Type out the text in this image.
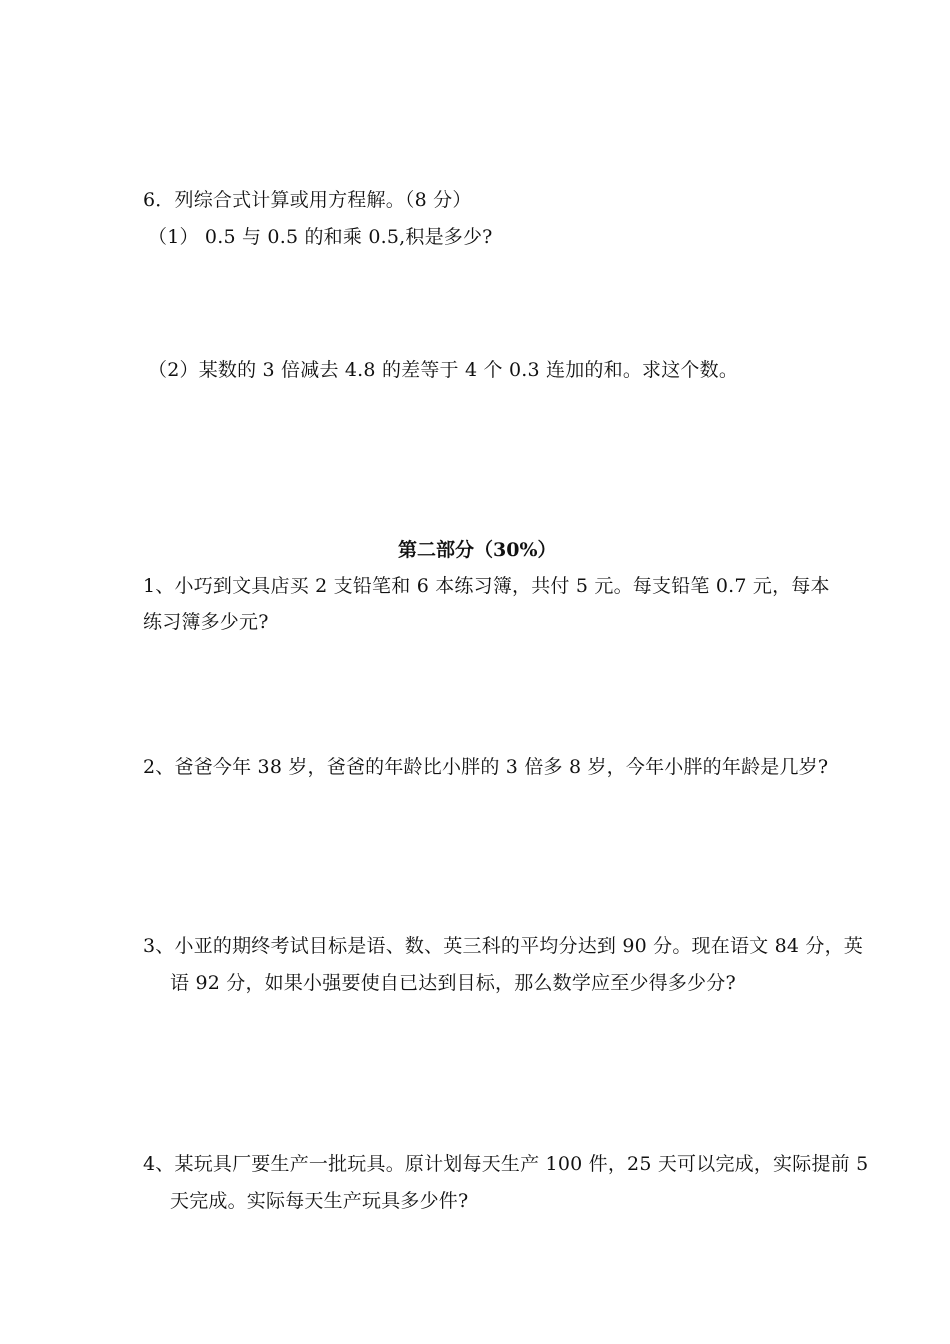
6．列综合式计算或用方程解。（8 分）
（1） 0.5 与 0.5 的和乘 0.5,积是多少?
（2）某数的 3 倍减去 4.8 的差等于 4 个 0.3 连加的和。求这个数。
第二部分（30%）
1、小巧到文具店买 2 支铅笔和 6 本练习簿，共付 5 元。每支铅笔 0.7 元，每本
练习簿多少元?
2、爸爸今年 38 岁，爸爸的年龄比小胖的 3 倍多 8 岁，今年小胖的年龄是几岁?
3、小亚的期终考试目标是语、数、英三科的平均分达到 90 分。现在语文 84 分，英
语 92 分，如果小强要使自已达到目标，那么数学应至少得多少分?
4、某玩具厂要生产一批玩具。原计划每天生产 100 件，25 天可以完成，实际提前 5
天完成。实际每天生产玩具多少件?
